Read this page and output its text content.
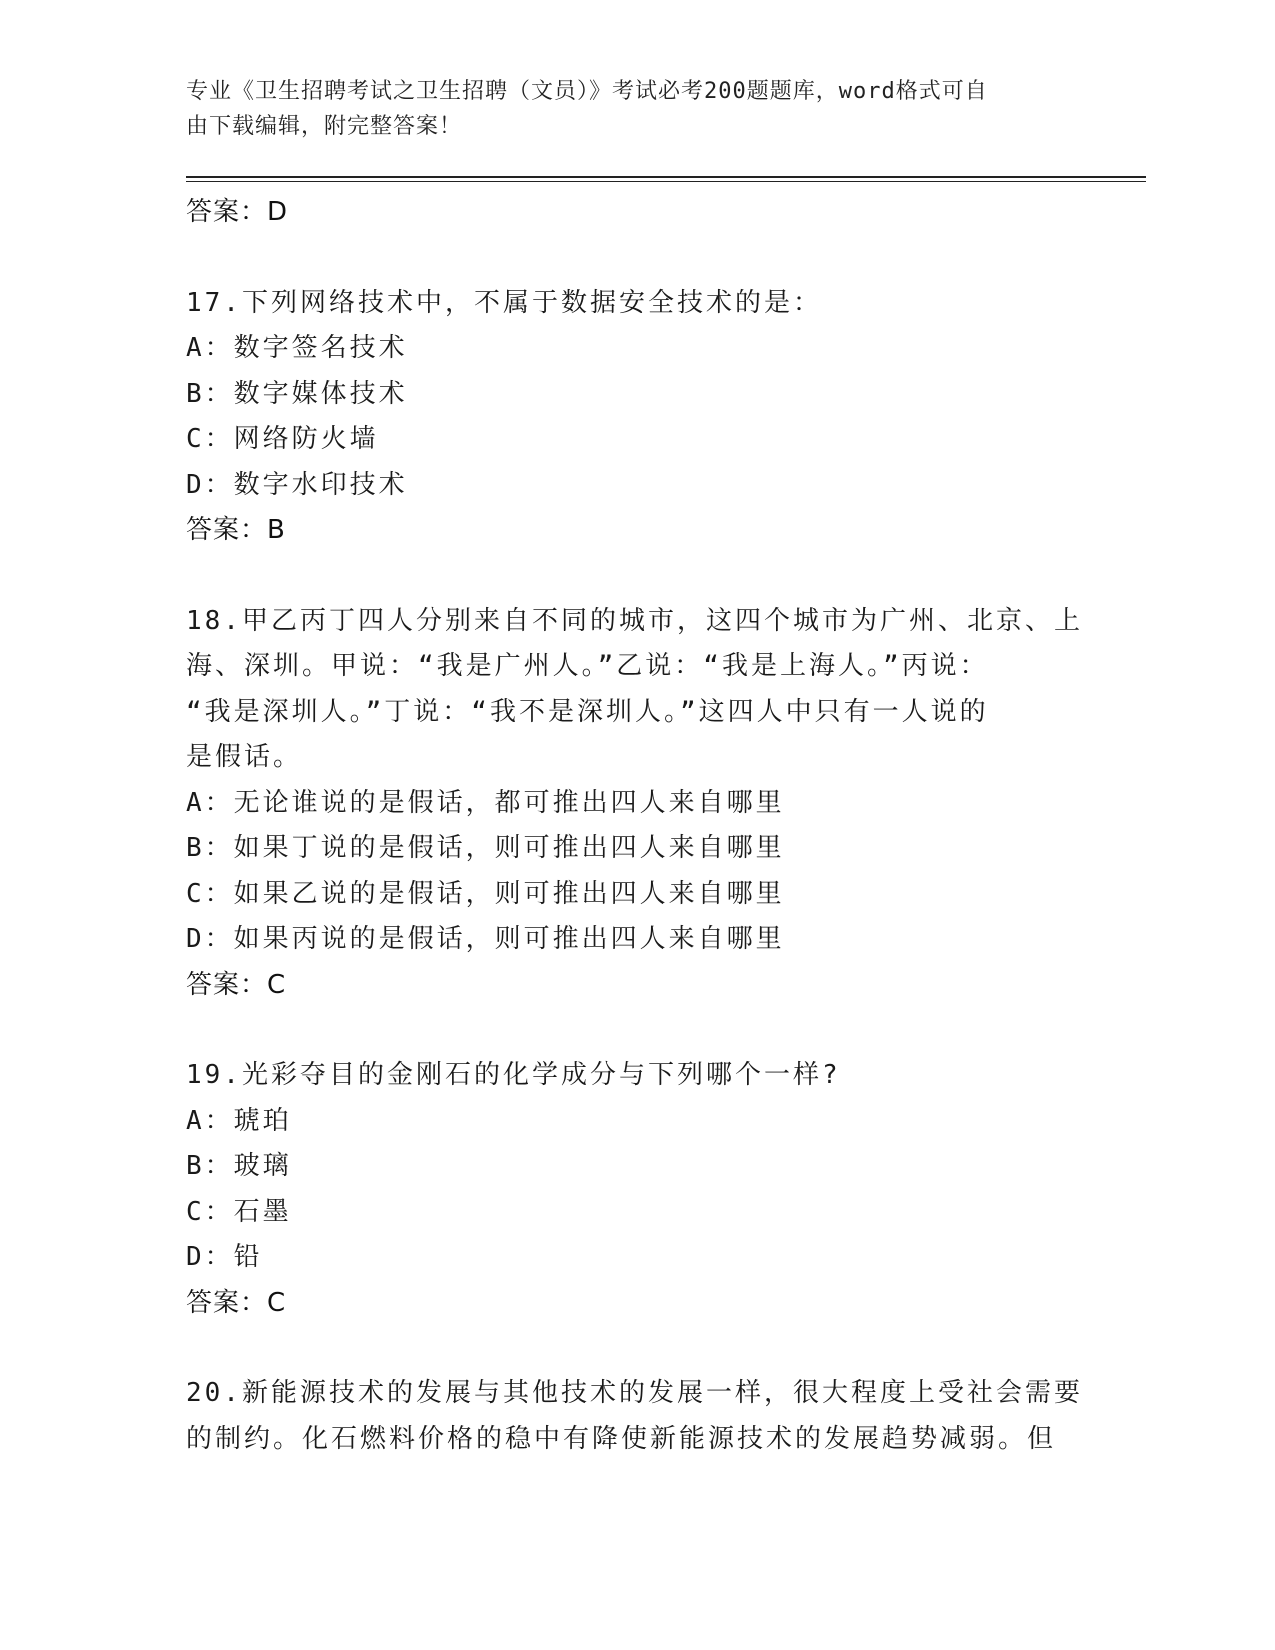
专业《卫生招聘考试之卫生招聘（文员）》考试必考200题题库，word格式可自
由下载编辑，附完整答案！
答案：D
17.下列网络技术中，不属于数据安全技术的是：
A：数字签名技术
B：数字媒体技术
C：网络防火墙
D：数字水印技术
答案：B
18.甲乙丙丁四人分别来自不同的城市，这四个城市为广州、北京、上
海、深圳。甲说：“我是广州人。”乙说：“我是上海人。”丙说：
“我是深圳人。”丁说：“我不是深圳人。”这四人中只有一人说的
是假话。
A：无论谁说的是假话，都可推出四人来自哪里
B：如果丁说的是假话，则可推出四人来自哪里
C：如果乙说的是假话，则可推出四人来自哪里
D：如果丙说的是假话，则可推出四人来自哪里
答案：C
19.光彩夺目的金刚石的化学成分与下列哪个一样?
A：琥珀
B：玻璃
C：石墨
D：铅
答案：C
20.新能源技术的发展与其他技术的发展一样，很大程度上受社会需要
的制约。化石燃料价格的稳中有降使新能源技术的发展趋势减弱。但
